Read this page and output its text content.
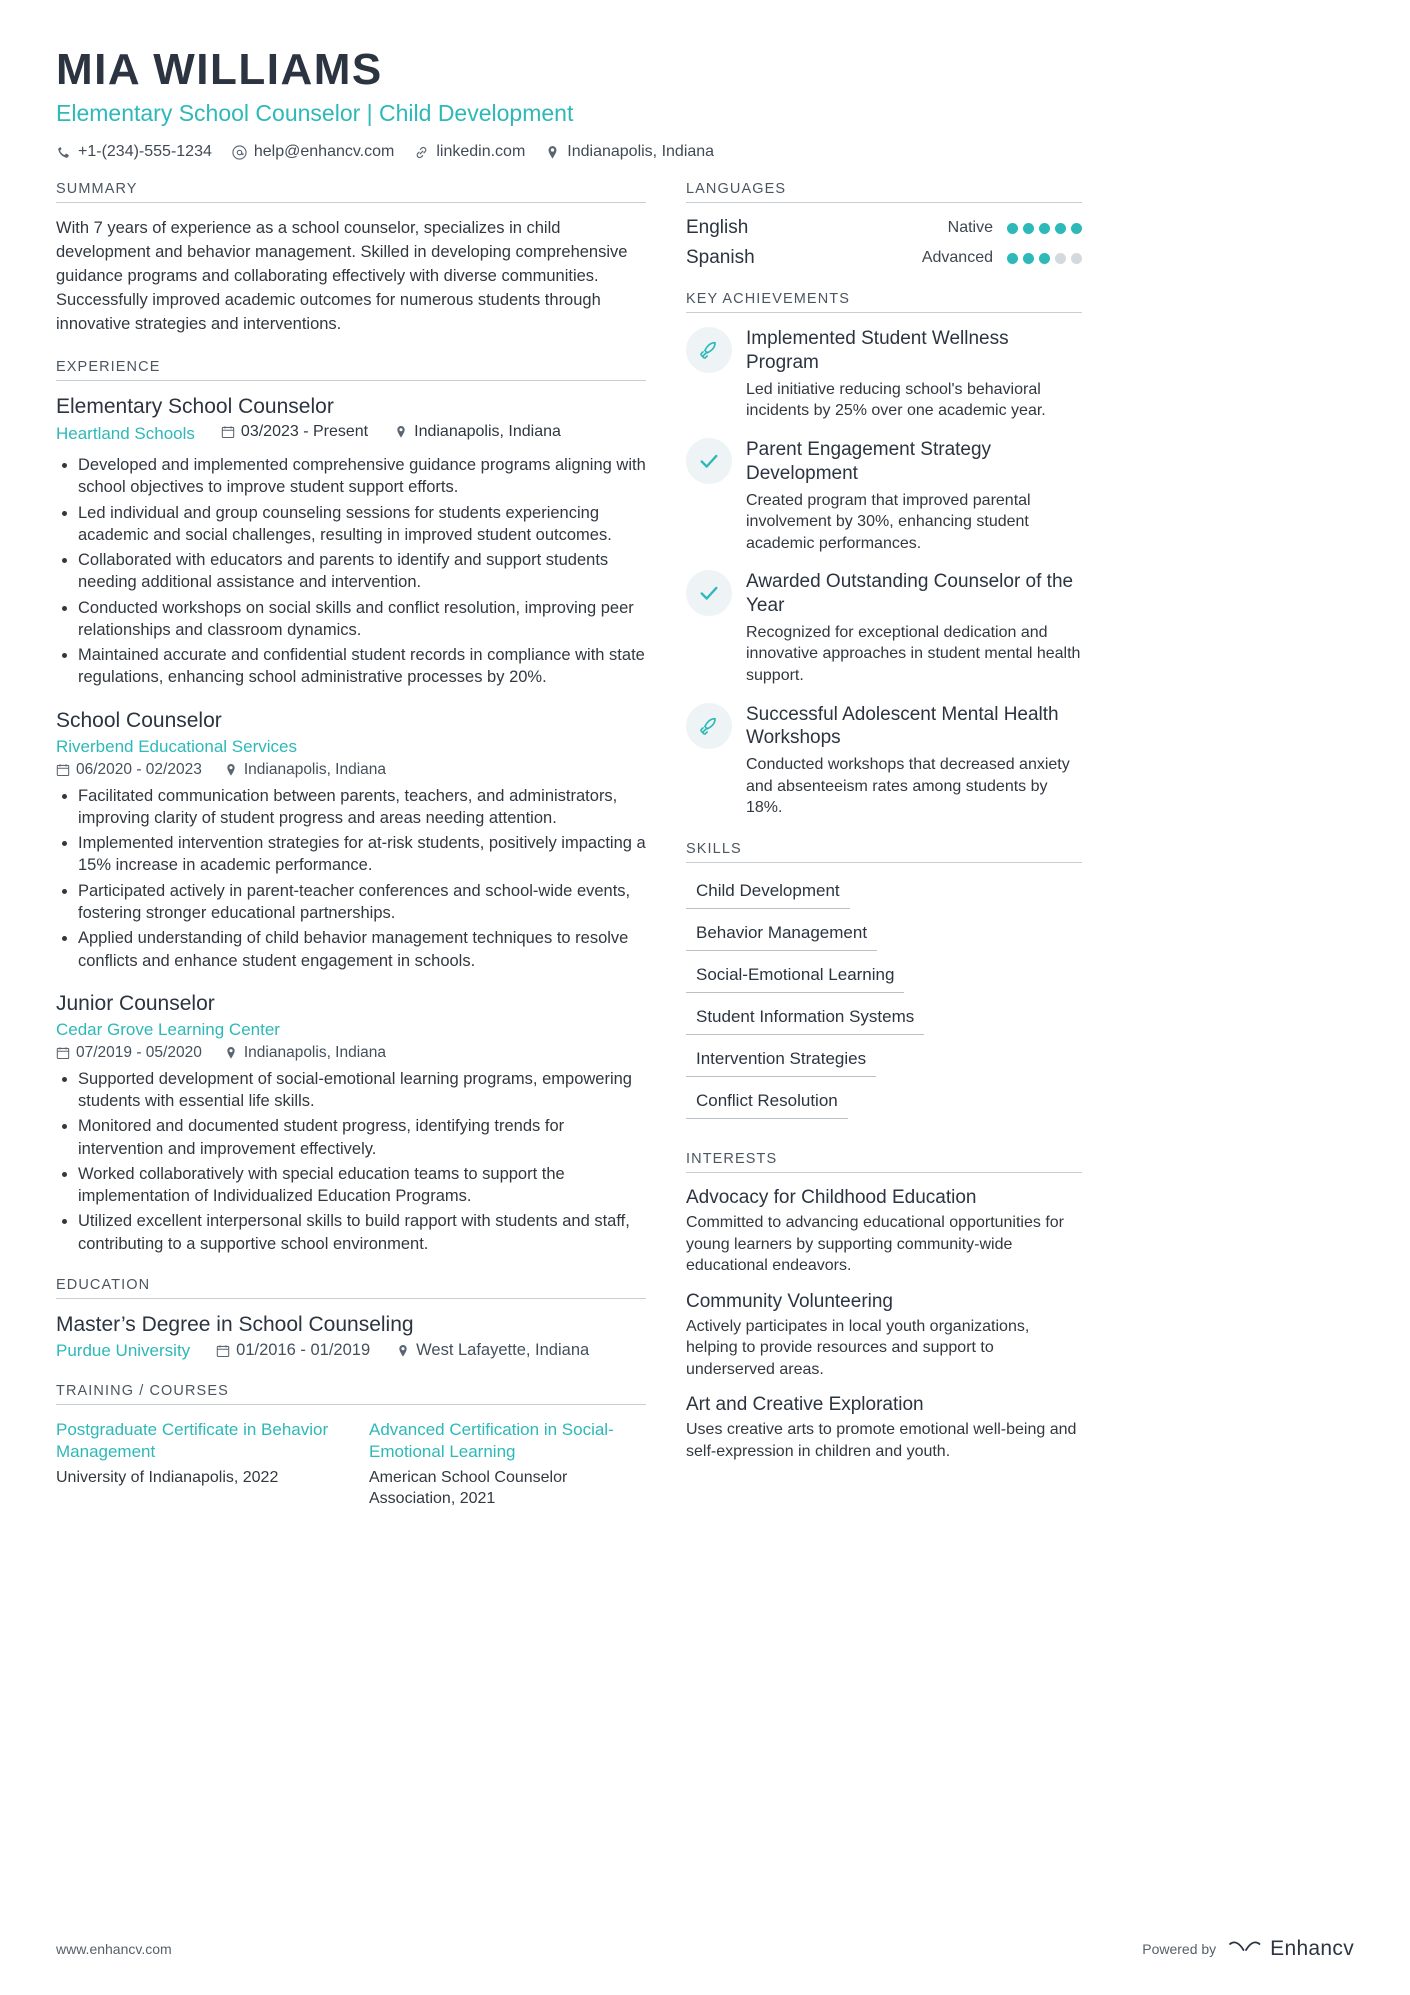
MIA WILLIAMS
Elementary School Counselor | Child Development
+1-(234)-555-1234	help@enhancv.com	linkedin.com	Indianapolis, Indiana
SUMMARY
With 7 years of experience as a school counselor, specializes in child development and behavior management. Skilled in developing comprehensive guidance programs and collaborating effectively with diverse communities. Successfully improved academic outcomes for numerous students through innovative strategies and interventions.
EXPERIENCE
Elementary School Counselor
Heartland Schools	03/2023 - Present	Indianapolis, Indiana
• Developed and implemented comprehensive guidance programs aligning with school objectives to improve student support efforts.
• Led individual and group counseling sessions for students experiencing academic and social challenges, resulting in improved student outcomes.
• Collaborated with educators and parents to identify and support students needing additional assistance and intervention.
• Conducted workshops on social skills and conflict resolution, improving peer relationships and classroom dynamics.
• Maintained accurate and confidential student records in compliance with state regulations, enhancing school administrative processes by 20%.
School Counselor
Riverbend Educational Services
06/2020 - 02/2023	Indianapolis, Indiana
• Facilitated communication between parents, teachers, and administrators, improving clarity of student progress and areas needing attention.
• Implemented intervention strategies for at-risk students, positively impacting a 15% increase in academic performance.
• Participated actively in parent-teacher conferences and school-wide events, fostering stronger educational partnerships.
• Applied understanding of child behavior management techniques to resolve conflicts and enhance student engagement in schools.
Junior Counselor
Cedar Grove Learning Center
07/2019 - 05/2020	Indianapolis, Indiana
• Supported development of social-emotional learning programs, empowering students with essential life skills.
• Monitored and documented student progress, identifying trends for intervention and improvement effectively.
• Worked collaboratively with special education teams to support the implementation of Individualized Education Programs.
• Utilized excellent interpersonal skills to build rapport with students and staff, contributing to a supportive school environment.
EDUCATION
Master’s Degree in School Counseling
Purdue University	01/2016 - 01/2019	West Lafayette, Indiana
TRAINING / COURSES
Postgraduate Certificate in Behavior Management
University of Indianapolis, 2022
Advanced Certification in Social-Emotional Learning
American School Counselor Association, 2021
LANGUAGES
English	Native
Spanish	Advanced
KEY ACHIEVEMENTS
Implemented Student Wellness Program
Led initiative reducing school's behavioral incidents by 25% over one academic year.
Parent Engagement Strategy Development
Created program that improved parental involvement by 30%, enhancing student academic performances.
Awarded Outstanding Counselor of the Year
Recognized for exceptional dedication and innovative approaches in student mental health support.
Successful Adolescent Mental Health Workshops
Conducted workshops that decreased anxiety and absenteeism rates among students by 18%.
SKILLS
Child Development
Behavior Management
Social-Emotional Learning
Student Information Systems
Intervention Strategies
Conflict Resolution
INTERESTS
Advocacy for Childhood Education
Committed to advancing educational opportunities for young learners by supporting community-wide educational endeavors.
Community Volunteering
Actively participates in local youth organizations, helping to provide resources and support to underserved areas.
Art and Creative Exploration
Uses creative arts to promote emotional well-being and self-expression in children and youth.
www.enhancv.com	Powered by	Enhancv
